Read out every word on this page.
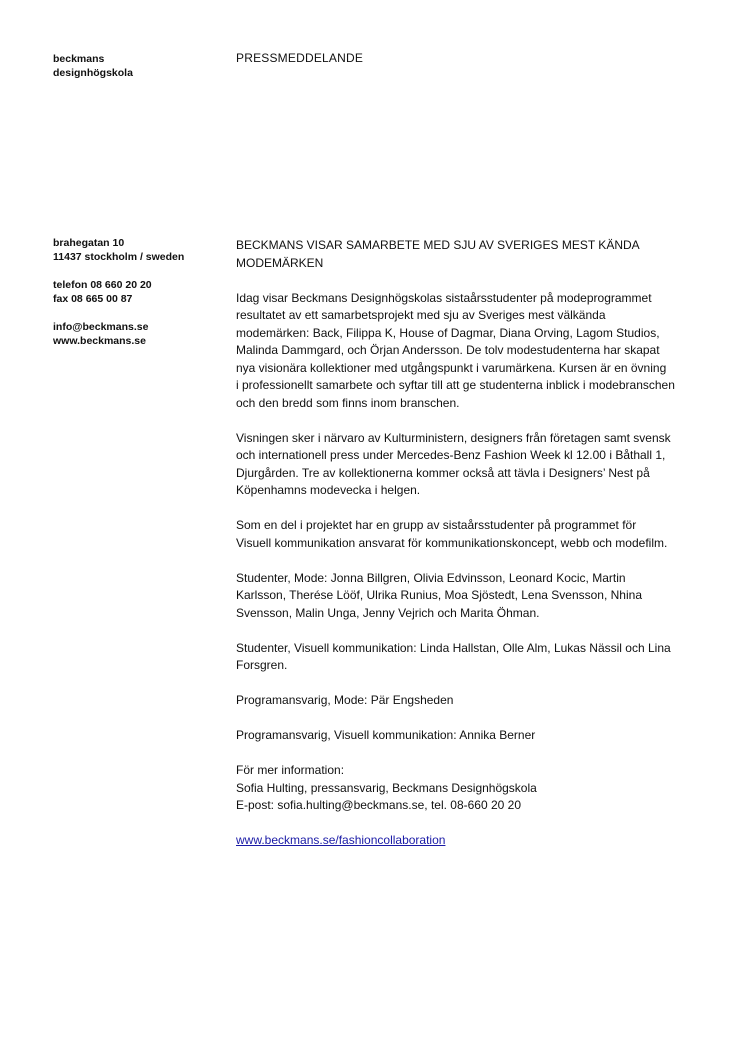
beckmans
designhögskola
PRESSMEDDELANDE
brahegatan 10
11437 stockholm / sweden
telefon 08 660 20 20
fax 08 665 00 87
info@beckmans.se
www.beckmans.se
BECKMANS VISAR SAMARBETE MED SJU AV SVERIGES MEST KÄNDA
MODEMÄRKEN
Idag visar Beckmans Designhögskolas sistaårsstudenter på modeprogrammet
resultatet av ett samarbetsprojekt med sju av Sveriges mest välkända
modemärken: Back, Filippa K, House of Dagmar, Diana Orving, Lagom Studios,
Malinda Dammgard, och Örjan Andersson. De tolv modestudenterna har skapat
nya visionära kollektioner med utgångspunkt i varumärkena. Kursen är en övning
i professionellt samarbete och syftar till att ge studenterna inblick i modebranschen
och den bredd som finns inom branschen.
Visningen sker i närvaro av Kulturministern, designers från företagen samt svensk
och internationell press under Mercedes-Benz Fashion Week kl 12.00 i Båthall 1,
Djurgården. Tre av kollektionerna kommer också att tävla i Designers’ Nest på
Köpenhamns modevecka i helgen.
Som en del i projektet har en grupp av sistaårsstudenter på programmet för
Visuell kommunikation ansvarat för kommunikationskoncept, webb och modefilm.
Studenter, Mode: Jonna Billgren, Olivia Edvinsson, Leonard Kocic, Martin
Karlsson, Therése Lööf, Ulrika Runius, Moa Sjöstedt, Lena Svensson, Nhina
Svensson, Malin Unga, Jenny Vejrich och Marita Öhman.
Studenter, Visuell kommunikation: Linda Hallstan, Olle Alm, Lukas Nässil och Lina
Forsgren.
Programansvarig, Mode: Pär Engsheden
Programansvarig, Visuell kommunikation: Annika Berner
För mer information:
Sofia Hulting, pressansvarig, Beckmans Designhögskola
E-post: sofia.hulting@beckmans.se, tel. 08-660 20 20
www.beckmans.se/fashioncollaboration
